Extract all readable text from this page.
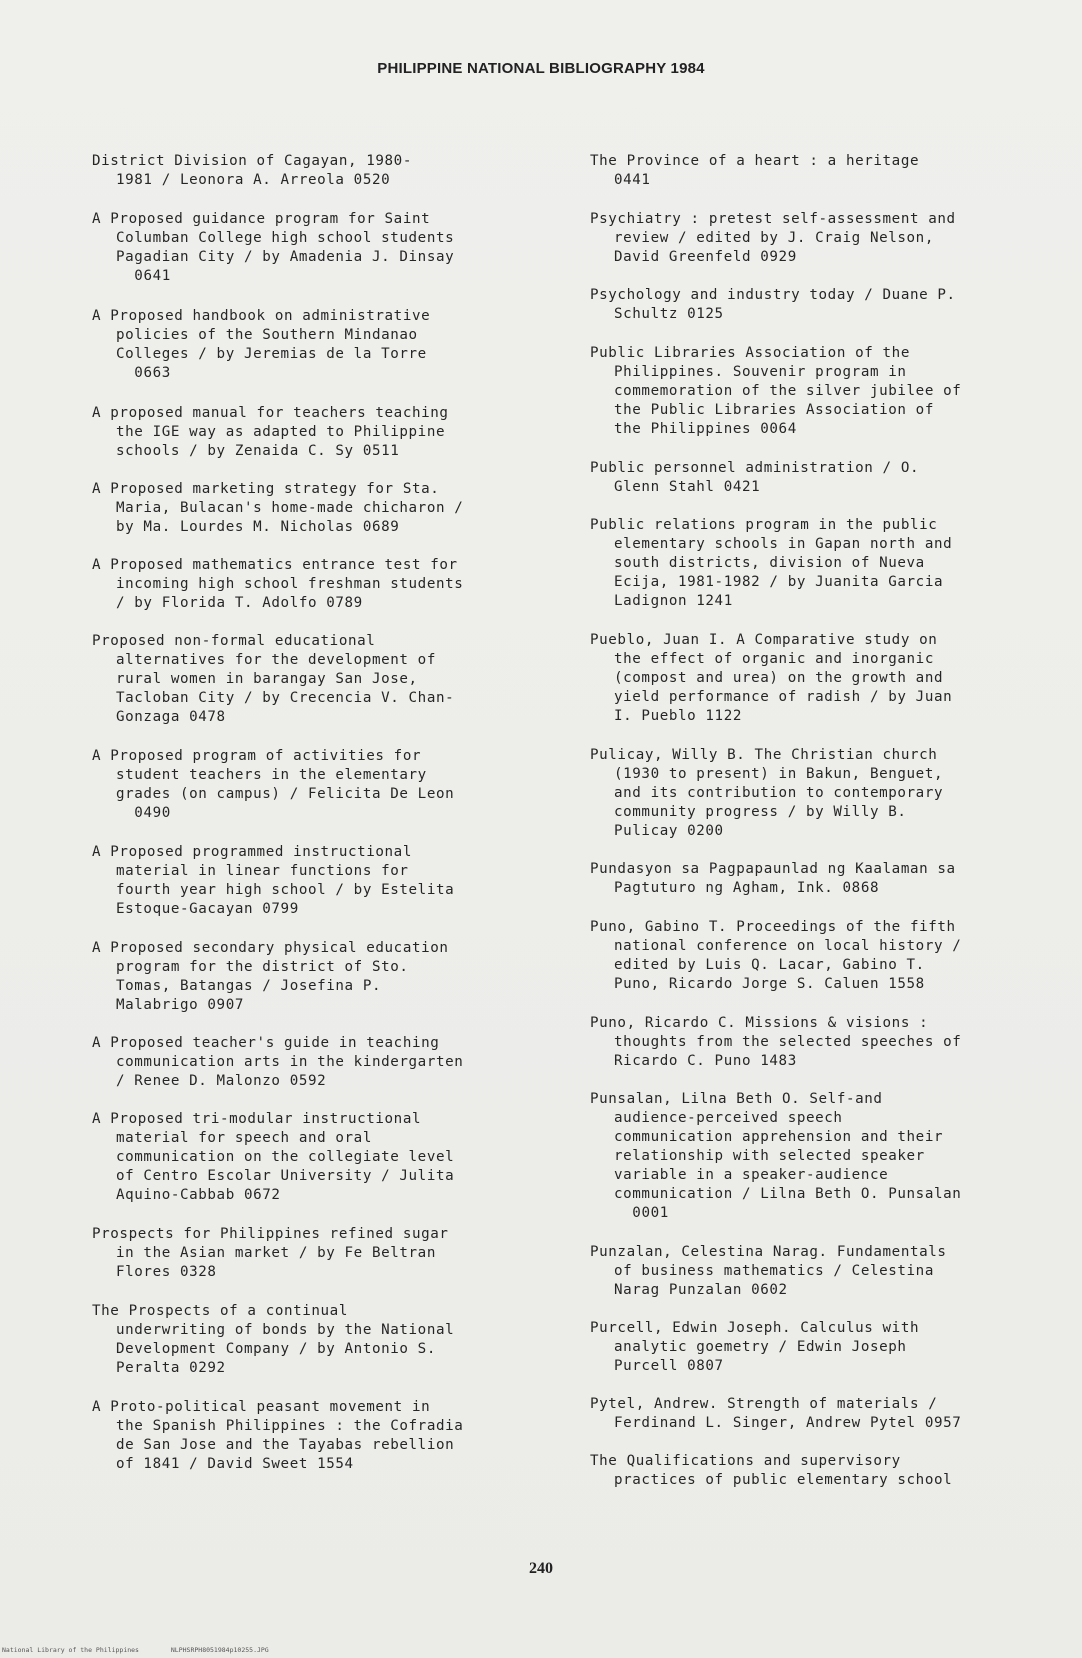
PHILIPPINE NATIONAL BIBLIOGRAPHY 1984

District Division of Cagayan, 1980-
1981 / Leonora A. Arreola 0520

A Proposed guidance program for Saint
Columban College high school students
Pagadian City / by Amadenia J. Dinsay
0641

A Proposed handbook on administrative
policies of the Southern Mindanao
Colleges / by Jeremias de la Torre
0663

A proposed manual for teachers teaching
the IGE way as adapted to Philippine
schools / by Zenaida C. Sy 0511

A Proposed marketing strategy for Sta.
Maria, Bulacan's home-made chicharon /
by Ma. Lourdes M. Nicholas 0689

A Proposed mathematics entrance test for
incoming high school freshman students
/ by Florida T. Adolfo 0789

Proposed non-formal educational
alternatives for the development of
rural women in barangay San Jose,
Tacloban City / by Crecencia V. Chan-
Gonzaga 0478

A Proposed program of activities for
student teachers in the elementary
grades (on campus) / Felicita De Leon
0490

A Proposed programmed instructional
material in linear functions for
fourth year high school / by Estelita
Estoque-Gacayan 0799

A Proposed secondary physical education
program for the district of Sto.
Tomas, Batangas / Josefina P.
Malabrigo 0907

A Proposed teacher's guide in teaching
communication arts in the kindergarten
/ Renee D. Malonzo 0592

A Proposed tri-modular instructional
material for speech and oral
communication on the collegiate level
of Centro Escolar University / Julita
Aquino-Cabbab 0672

Prospects for Philippines refined sugar
in the Asian market / by Fe Beltran
Flores 0328

The Prospects of a continual
underwriting of bonds by the National
Development Company / by Antonio S.
Peralta 0292

A Proto-political peasant movement in
the Spanish Philippines : the Cofradia
de San Jose and the Tayabas rebellion
of 1841 / David Sweet 1554

The Province of a heart : a heritage
0441

Psychiatry : pretest self-assessment and
review / edited by J. Craig Nelson,
David Greenfeld 0929

Psychology and industry today / Duane P.
Schultz 0125

Public Libraries Association of the
Philippines. Souvenir program in
commemoration of the silver jubilee of
the Public Libraries Association of
the Philippines 0064

Public personnel administration / O.
Glenn Stahl 0421

Public relations program in the public
elementary schools in Gapan north and
south districts, division of Nueva
Ecija, 1981-1982 / by Juanita Garcia
Ladignon 1241

Pueblo, Juan I. A Comparative study on
the effect of organic and inorganic
(compost and urea) on the growth and
yield performance of radish / by Juan
I. Pueblo 1122

Pulicay, Willy B. The Christian church
(1930 to present) in Bakun, Benguet,
and its contribution to contemporary
community progress / by Willy B.
Pulicay 0200

Pundasyon sa Pagpapaunlad ng Kaalaman sa
Pagtuturo ng Agham, Ink. 0868

Puno, Gabino T. Proceedings of the fifth
national conference on local history /
edited by Luis Q. Lacar, Gabino T.
Puno, Ricardo Jorge S. Caluen 1558

Puno, Ricardo C. Missions & visions :
thoughts from the selected speeches of
Ricardo C. Puno 1483

Punsalan, Lilna Beth O. Self-and
audience-perceived speech
communication apprehension and their
relationship with selected speaker
variable in a speaker-audience
communication / Lilna Beth O. Punsalan
0001

Punzalan, Celestina Narag. Fundamentals
of business mathematics / Celestina
Narag Punzalan 0602

Purcell, Edwin Joseph. Calculus with
analytic goemetry / Edwin Joseph
Purcell 0807

Pytel, Andrew. Strength of materials /
Ferdinand L. Singer, Andrew Pytel 0957

The Qualifications and supervisory
practices of public elementary school

240
National Library of the Philippines	NLPHSRPH8051984p10255.JPG
